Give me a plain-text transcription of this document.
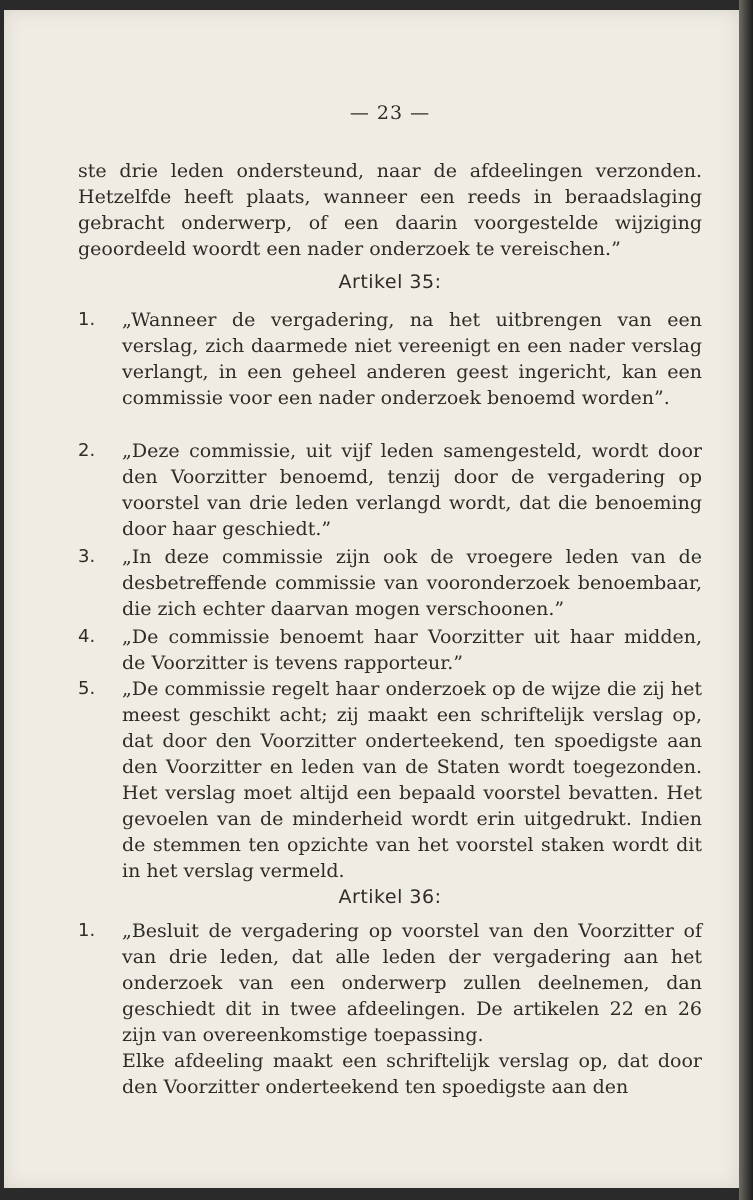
— 23 —
ste drie leden ondersteund, naar de afdeelingen verzonden. Hetzelfde heeft plaats, wanneer een reeds in beraadslaging gebracht onderwerp, of een daarin voorgestelde wijziging geoordeeld woordt een nader onderzoek te vereischen.”
Artikel 35:
1.	„Wanneer de vergadering, na het uitbrengen van een verslag, zich daarmede niet vereenigt en een nader verslag verlangt, in een geheel anderen geest ingericht, kan een commissie voor een nader onderzoek benoemd worden”.
2.	„Deze commissie, uit vijf leden samengesteld, wordt door den Voorzitter benoemd, tenzij door de vergadering op voorstel van drie leden verlangd wordt, dat die benoeming door haar geschiedt.”
3.	„In deze commissie zijn ook de vroegere leden van de desbetreffende commissie van vooronderzoek benoembaar, die zich echter daarvan mogen verschoonen.”
4.	„De commissie benoemt haar Voorzitter uit haar midden, de Voorzitter is tevens rapporteur.”
5.	„De commissie regelt haar onderzoek op de wijze die zij het meest geschikt acht; zij maakt een schriftelijk verslag op, dat door den Voorzitter onderteekend, ten spoedigste aan den Voorzitter en leden van de Staten wordt toegezonden. Het verslag moet altijd een bepaald voorstel bevatten. Het gevoelen van de minderheid wordt erin uitgedrukt. Indien de stemmen ten opzichte van het voorstel staken wordt dit in het verslag vermeld.
Artikel 36:
1.	„Besluit de vergadering op voorstel van den Voorzitter of van drie leden, dat alle leden der vergadering aan het onderzoek van een onderwerp zullen deelnemen, dan geschiedt dit in twee afdeelingen. De artikelen 22 en 26 zijn van overeenkomstige toepassing.
Elke afdeeling maakt een schriftelijk verslag op, dat door den Voorzitter onderteekend ten spoedigste aan den
